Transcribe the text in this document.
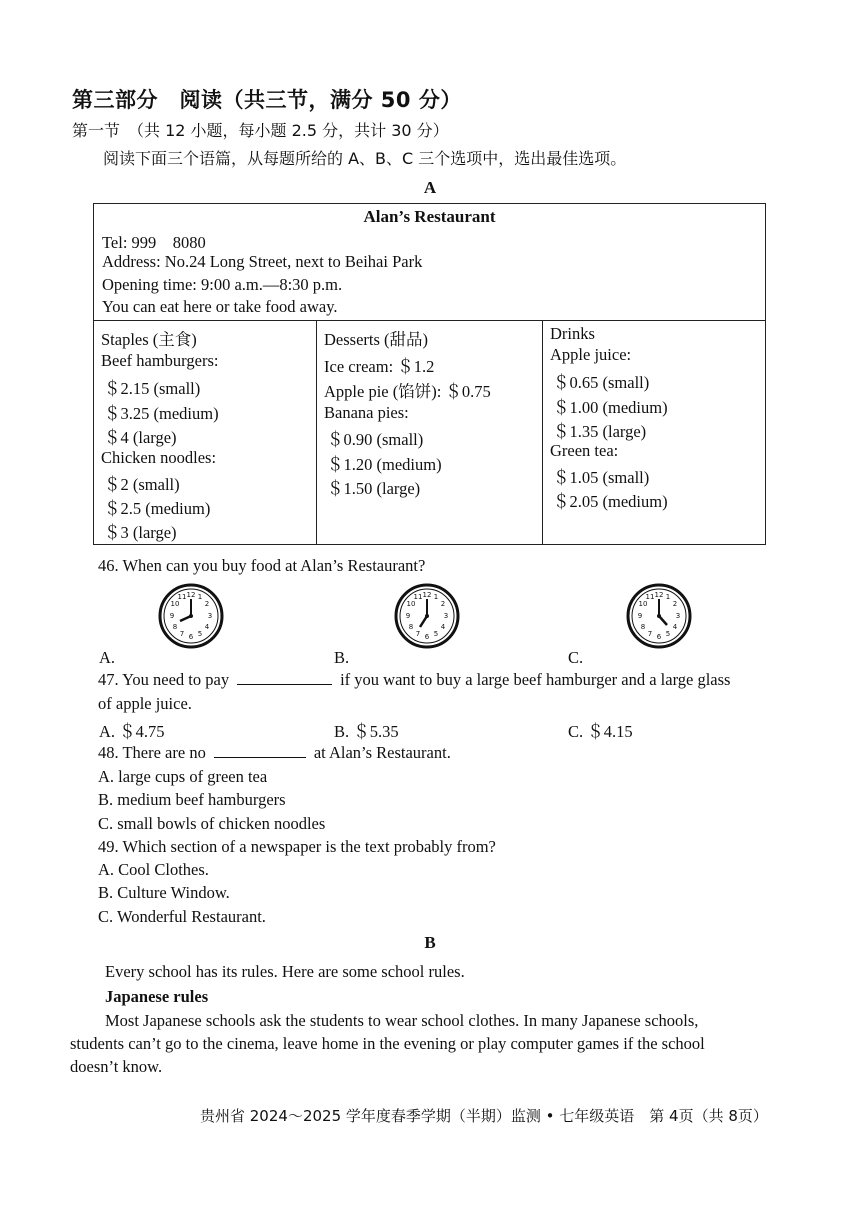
第三部分　阅读（共三节，满分 50 分）
第一节　（共 12 小题，每小题 2.5 分，共计 30 分）
阅读下面三个语篇，从每题所给的 A、B、C 三个选项中，选出最佳选项。
A
Alan’s Restaurant
Tel: 999　8080
Address: No.24 Long Street, next to Beihai Park
Opening time: 9:00 a.m.—8:30 p.m.
You can eat here or take food away.
Staples (主食)
Beef hamburgers:
＄2.15 (small)
＄3.25 (medium)
＄4 (large)
Chicken noodles:
＄2 (small)
＄2.5 (medium)
＄3 (large)
Desserts (甜品)
Ice cream: ＄1.2
Apple pie (馅饼): ＄0.75
Banana pies:
＄0.90 (small)
＄1.20 (medium)
＄1.50 (large)
Drinks
Apple juice:
＄0.65 (small)
＄1.00 (medium)
＄1.35 (large)
Green tea:
＄1.05 (small)
＄2.05 (medium)
46. When can you buy food at Alan’s Restaurant?
12 1
2
3
4
5
6
7
8
9
10
11	12 1
2
3
4
5
6
7
8
9
10
11	12 1
2
3
4
5
6
7
8
9
10
11
A.	B.	C.
47. You need to pay	if you want to buy a large beef hamburger and a large glass
of apple juice.
A. ＄4.75	B. ＄5.35	C. ＄4.15
48. There are no	at Alan’s Restaurant.
A. large cups of green tea
B. medium beef hamburgers
C. small bowls of chicken noodles
49. Which section of a newspaper is the text probably from?
A. Cool Clothes.
B. Culture Window.
C. Wonderful Restaurant.
B
Every school has its rules. Here are some school rules.
Japanese rules
Most Japanese schools ask the students to wear school clothes. In many Japanese schools,
students can’t go to the cinema, leave home in the evening or play computer games if the school
doesn’t know.
贵州省 2024～2025 学年度春季学期（半期）监测 • 七年级英语　第 4页（共 8页）
